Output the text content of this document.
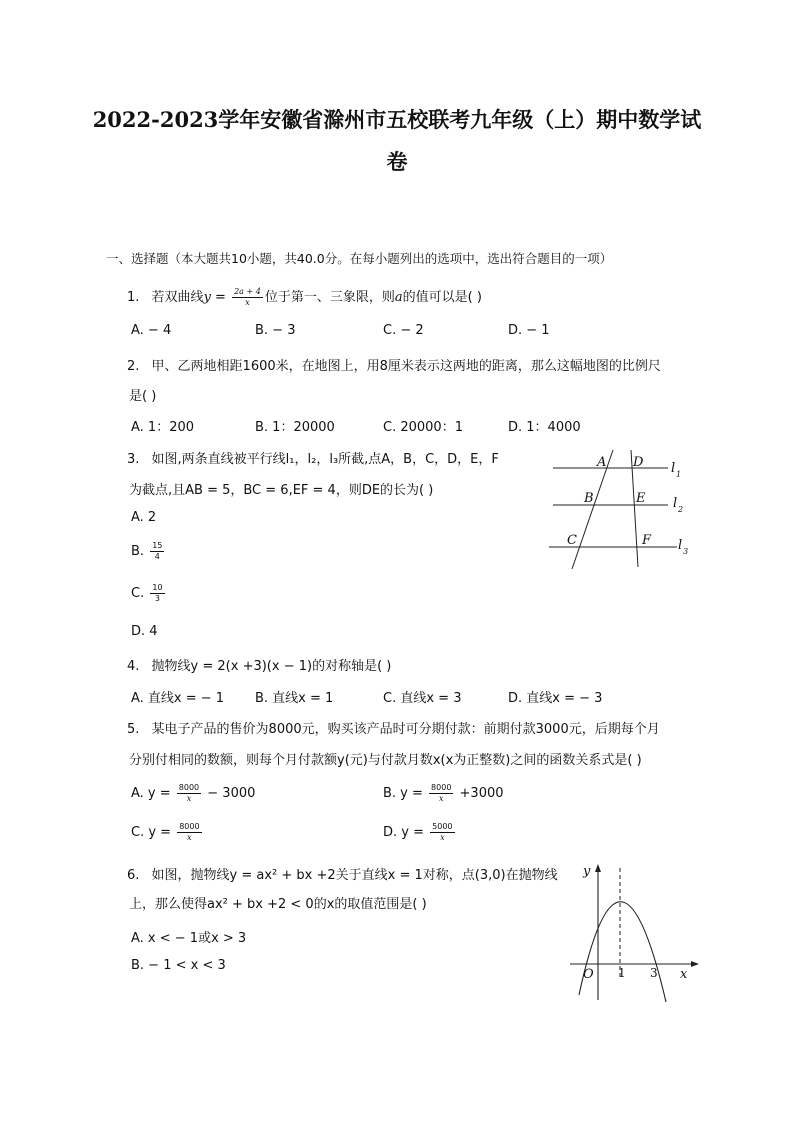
2022-2023学年安徽省滁州市五校联考九年级（上）期中数学试
卷
一、选择题（本大题共10小题，共40.0分。在每小题列出的选项中，选出符合题目的一项）
1. 若双曲线$y = \frac{2a + 4}{x}$ 位于第一、三象限，则a的值可以是( )
A. − 4	B. − 3	C. − 2	D. − 1
2. 甲、乙两地相距1600米，在地图上，用8厘米表示这两地的距离，那么这幅地图的比例尺
是( )
A. 1：200	B. 1：20000	C. 20000：1	D. 1：4000
3. 如图,两条直线被平行线l₁，l₂，l₃所截,点A，B，C，D，E，F
为截点,且AB = 5，BC = 6,EF = 4，则DE的长为( )
A. 2
B. $\frac{15}{4}$
C. $\frac{10}{3}$
D. 4
A D
B	E
C	F
l 1
l 2
l 3
4. 抛物线y = 2(x +3)(x − 1)的对称轴是( )
A. 直线x = − 1 B. 直线x = 1	C. 直线x = 3	D. 直线x = − 3
5. 某电子产品的售价为8000元，购买该产品时可分期付款：前期付款3000元，后期每个月
分别付相同的数额，则每个月付款额y(元)与付款月数x(x为正整数)之间的函数关系式是( )
A. $y = \frac{8000}{x} - 3000$	B. $y = \frac{8000}{x} +3000$
C. $y = \frac{8000}{x}$	D. $y = \frac{5000}{x}$
6. 如图，抛物线y = ax² + bx +2关于直线x = 1对称，点(3,0)在抛物线
上，那么使得ax² + bx +2 < 0的x的取值范围是( )
A. x < − 1或x > 3
B. − 1 < x < 3
y
x
O 1 3
